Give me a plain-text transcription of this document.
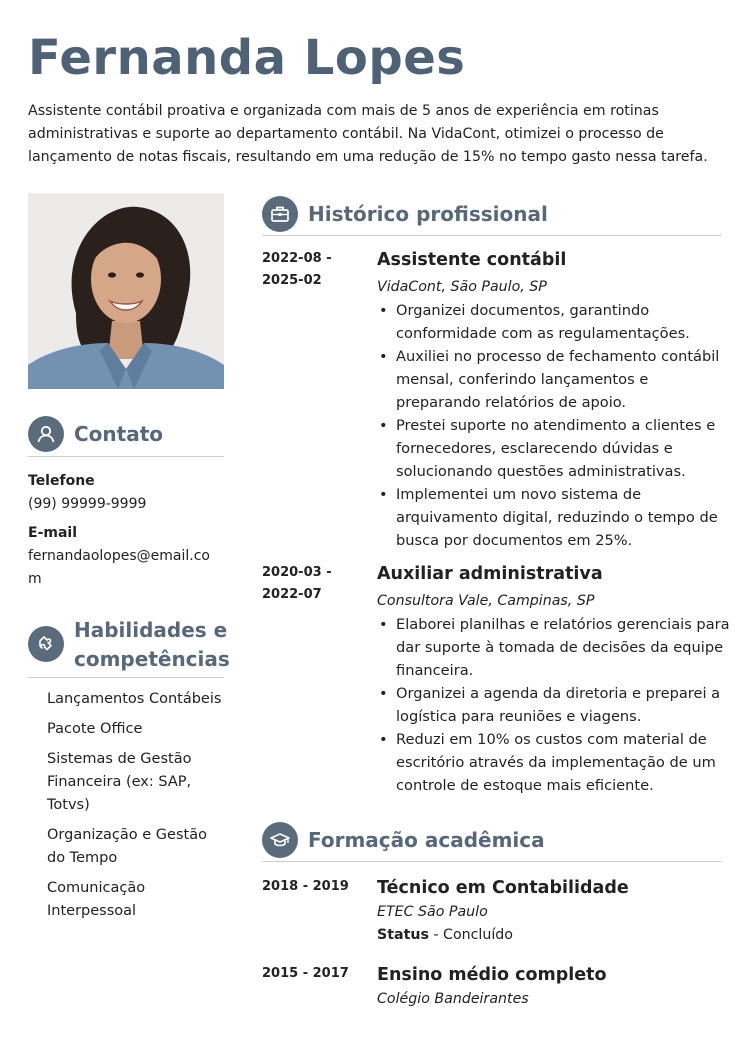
Fernanda Lopes

Assistente contábil proativa e organizada com mais de 5 anos de experiência em rotinas administrativas e suporte ao departamento contábil. Na VidaCont, otimizei o processo de lançamento de notas fiscais, resultando em uma redução de 15% no tempo gasto nessa tarefa.

Contato
Telefone
(99) 99999-9999
E-mail
fernandaolopes@email.co
m
Habilidades e
competências
Lançamentos Contábeis
Pacote Office
Sistemas de Gestão Financeira (ex: SAP, Totvs)
Organização e Gestão do Tempo
Comunicação Interpessoal
Histórico profissional
2022-08 -
2025-02
Assistente contábil
VidaCont, São Paulo, SP
• Organizei documentos, garantindo conformidade com as regulamentações.
• Auxiliei no processo de fechamento contábil mensal, conferindo lançamentos e preparando relatórios de apoio.
• Prestei suporte no atendimento a clientes e fornecedores, esclarecendo dúvidas e solucionando questões administrativas.
• Implementei um novo sistema de arquivamento digital, reduzindo o tempo de busca por documentos em 25%.
2020-03 -
2022-07
Auxiliar administrativa
Consultora Vale, Campinas, SP
• Elaborei planilhas e relatórios gerenciais para dar suporte à tomada de decisões da equipe financeira.
• Organizei a agenda da diretoria e preparei a logística para reuniões e viagens.
• Reduzi em 10% os custos com material de escritório através da implementação de um controle de estoque mais eficiente.
Formação acadêmica
2018 - 2019	Técnico em Contabilidade
ETEC São Paulo
Status - Concluído
2015 - 2017	Ensino médio completo
Colégio Bandeirantes
